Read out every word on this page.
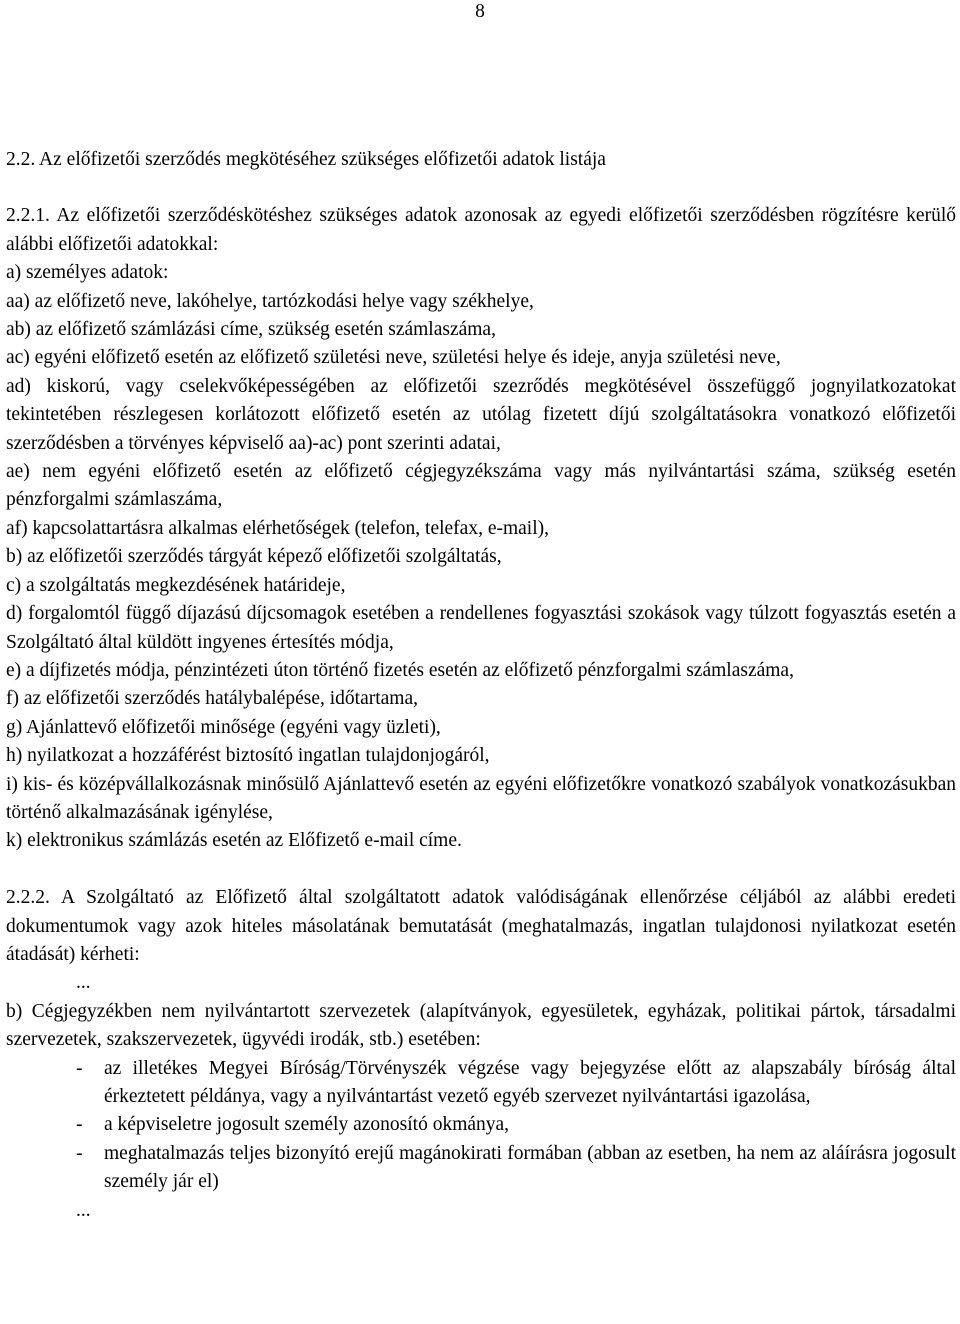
8
2.2. Az előfizetői szerződés megkötéséhez szükséges előfizetői adatok listája
2.2.1. Az előfizetői szerződéskötéshez szükséges adatok azonosak az egyedi előfizetői szerződésben rögzítésre kerülő alábbi előfizetői adatokkal:
a) személyes adatok:
aa) az előfizető neve, lakóhelye, tartózkodási helye vagy székhelye,
ab) az előfizető számlázási címe, szükség esetén számlaszáma,
ac) egyéni előfizető esetén az előfizető születési neve, születési helye és ideje, anyja születési neve,
ad) kiskorú, vagy cselekvőképességében az előfizetői szezrődés megkötésével összefüggő jognyilatkozatokat tekintetében részlegesen korlátozott előfizető esetén az utólag fizetett díjú szolgáltatásokra vonatkozó előfizetői szerződésben a törvényes képviselő aa)-ac) pont szerinti adatai,
ae) nem egyéni előfizető esetén az előfizető cégjegyzékszáma vagy más nyilvántartási száma, szükség esetén pénzforgalmi számlaszáma,
af) kapcsolattartásra alkalmas elérhetőségek (telefon, telefax, e-mail),
b) az előfizetői szerződés tárgyát képező előfizetői szolgáltatás,
c) a szolgáltatás megkezdésének határideje,
d) forgalomtól függő díjazású díjcsomagok esetében a rendellenes fogyasztási szokások vagy túlzott fogyasztás esetén a Szolgáltató által küldött ingyenes értesítés módja,
e) a díjfizetés módja, pénzintézeti úton történő fizetés esetén az előfizető pénzforgalmi számlaszáma,
f) az előfizetői szerződés hatálybalépése, időtartama,
g) Ajánlattevő előfizetői minősége (egyéni vagy üzleti),
h) nyilatkozat a hozzáférést biztosító ingatlan tulajdonjogáról,
i) kis- és középvállalkozásnak minősülő Ajánlattevő esetén az egyéni előfizetőkre vonatkozó szabályok vonatkozásukban történő alkalmazásának igénylése,
k) elektronikus számlázás esetén az Előfizető e-mail címe.
2.2.2. A Szolgáltató az Előfizető által szolgáltatott adatok valódiságának ellenőrzése céljából az alábbi eredeti dokumentumok vagy azok hiteles másolatának bemutatását (meghatalmazás, ingatlan tulajdonosi nyilatkozat esetén átadását) kérheti:
...
b) Cégjegyzékben nem nyilvántartott szervezetek (alapítványok, egyesületek, egyházak, politikai pártok, társadalmi szervezetek, szakszervezetek, ügyvédi irodák, stb.) esetében:
-	az illetékes Megyei Bíróság/Törvényszék végzése vagy bejegyzése előtt az alapszabály bíróság által érkeztetett példánya, vagy a nyilvántartást vezető egyéb szervezet nyilvántartási igazolása,
-	a képviseletre jogosult személy azonosító okmánya,
-	meghatalmazás teljes bizonyító erejű magánokirati formában (abban az esetben, ha nem az aláírásra jogosult személy jár el)
...
